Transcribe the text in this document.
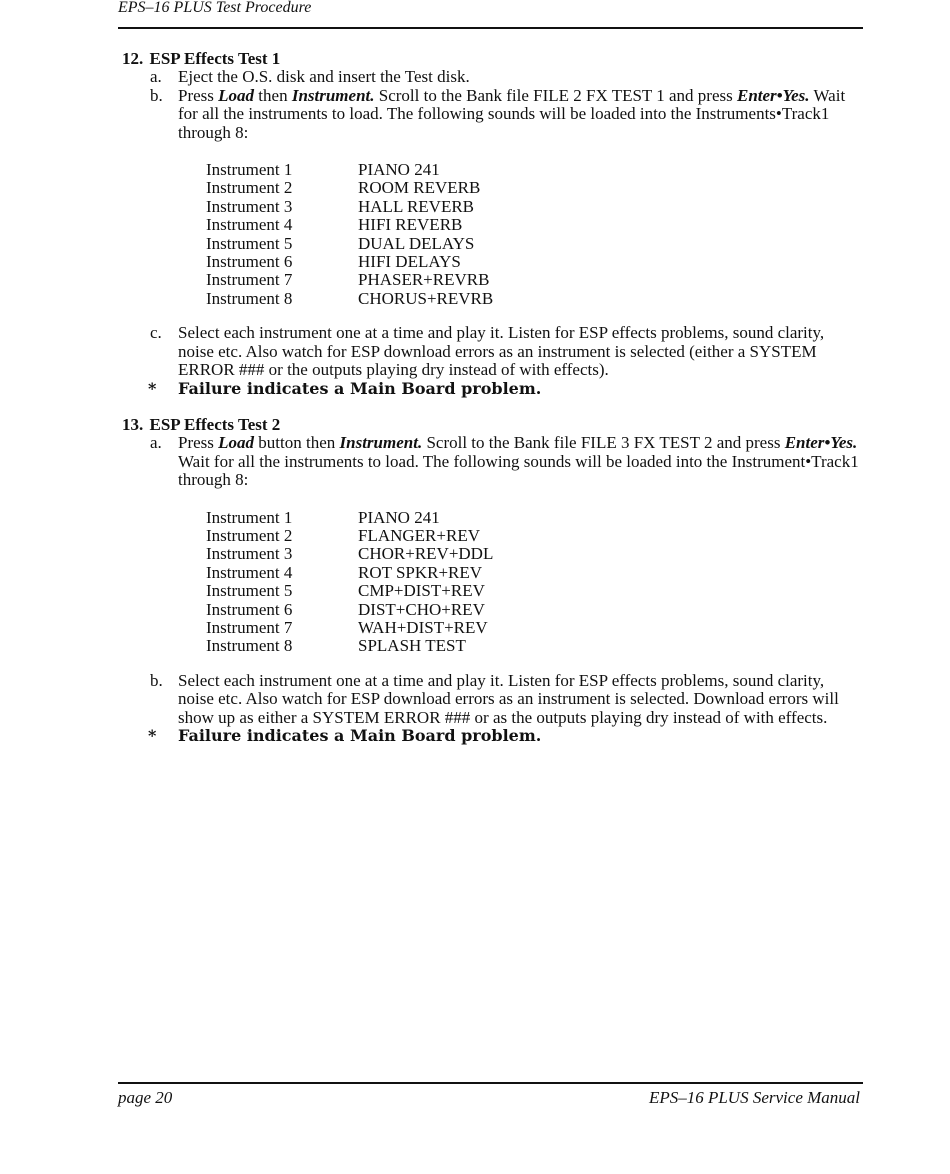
EPS–16 PLUS Test Procedure
12. ESP Effects Test 1
a. Eject the O.S. disk and insert the Test disk.
b. Press Load then Instrument. Scroll to the Bank file FILE 2 FX TEST 1 and press Enter•Yes. Wait for all the instruments to load. The following sounds will be loaded into the Instruments•Track1 through 8:
Instrument 1	PIANO 241
Instrument 2	ROOM REVERB
Instrument 3	HALL REVERB
Instrument 4	HIFI REVERB
Instrument 5	DUAL DELAYS
Instrument 6	HIFI DELAYS
Instrument 7	PHASER+REVRB
Instrument 8	CHORUS+REVRB
c. Select each instrument one at a time and play it. Listen for ESP effects problems, sound clarity, noise etc. Also watch for ESP download errors as an instrument is selected (either a SYSTEM ERROR ### or the outputs playing dry instead of with effects).
* Failure indicates a Main Board problem.
13. ESP Effects Test 2
a. Press Load button then Instrument. Scroll to the Bank file FILE 3 FX TEST 2 and press Enter•Yes. Wait for all the instruments to load. The following sounds will be loaded into the Instrument•Track1 through 8:
Instrument 1	PIANO 241
Instrument 2	FLANGER+REV
Instrument 3	CHOR+REV+DDL
Instrument 4	ROT SPKR+REV
Instrument 5	CMP+DIST+REV
Instrument 6	DIST+CHO+REV
Instrument 7	WAH+DIST+REV
Instrument 8	SPLASH TEST
b. Select each instrument one at a time and play it. Listen for ESP effects problems, sound clarity, noise etc. Also watch for ESP download errors as an instrument is selected. Download errors will show up as either a SYSTEM ERROR ### or as the outputs playing dry instead of with effects.
* Failure indicates a Main Board problem.
page 20	EPS–16 PLUS Service Manual
